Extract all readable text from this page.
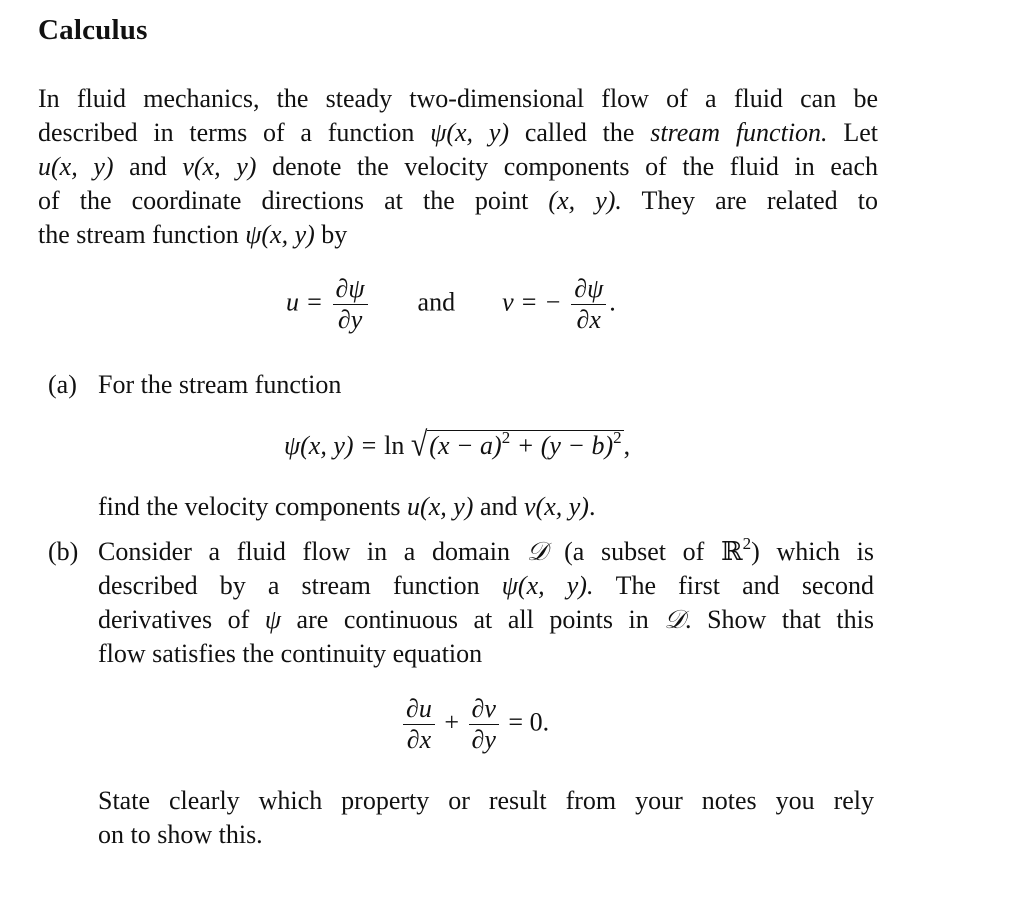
Calculus
In fluid mechanics, the steady two-dimensional flow of a fluid can be
described in terms of a function ψ(x, y) called the stream function. Let
u(x, y) and v(x, y) denote the velocity components of the fluid in each
of the coordinate directions at the point (x, y). They are related to
the stream function ψ(x, y) by
$u = \frac{\partial\psi}{\partial y}$ and v = − $\frac{\partial\psi}{\partial x}$ .
(a) For the stream function
ψ(x, $y) = \ln √(x - a)^2 + (y - b)^2$,
find the velocity components u(x, y) and v(x, y).
(b) Consider a fluid flow in a domain 𝒟 (a subset of ℝ$^2$) which is
described by a stream function ψ(x, y). The first and second
derivatives of ψ are continuous at all points in 𝒟. Show that this
flow satisfies the continuity equation
$\frac{\partial u}{\partial x} + \frac{\partial v}{\partial y} = 0$.
State clearly which property or result from your notes you rely
on to show this.
